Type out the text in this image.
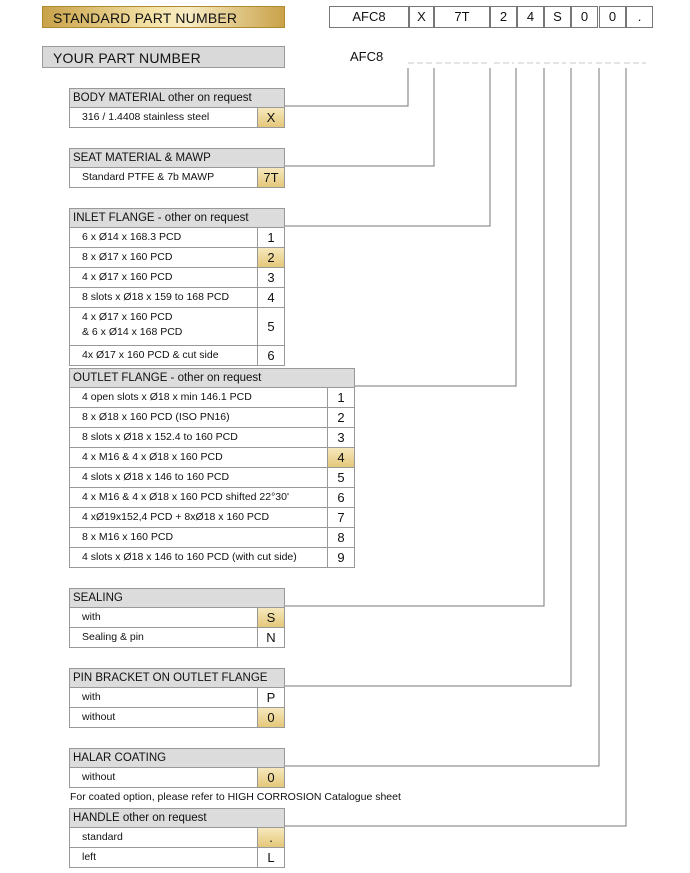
STANDARD PART NUMBER	AFC8	X	7T	2	4	S	0	0	.
YOUR PART NUMBER	AFC8
BODY MATERIAL other on request
316 / 1.4408 stainless steel	X
SEAT MATERIAL & MAWP
Standard PTFE & 7b MAWP	7T
INLET FLANGE - other on request
6 x Ø14 x 168.3 PCD	1
8 x Ø17 x 160 PCD	2
4 x Ø17 x 160 PCD	3
8 slots x Ø18 x 159 to 168 PCD	4
4 x Ø17 x 160 PCD
& 6 x Ø14 x 168 PCD	5
4x Ø17 x 160 PCD & cut side	6
OUTLET FLANGE - other on request
4 open slots x Ø18 x min 146.1 PCD	1
8 x Ø18 x 160 PCD (ISO PN16)	2
8 slots x Ø18 x 152.4 to 160 PCD	3
4 x M16 & 4 x Ø18 x 160 PCD	4
4 slots x Ø18 x 146 to 160 PCD	5
4 x M16 & 4 x Ø18 x 160 PCD shifted 22°30'	6
4 xØ19x152,4 PCD + 8xØ18 x 160 PCD	7
8 x M16 x 160 PCD	8
4 slots x Ø18 x 146 to 160 PCD (with cut side)	9
SEALING
with	S
Sealing & pin	N
PIN BRACKET ON OUTLET FLANGE
with	P
without	0
HALAR COATING
without	0
HANDLE other on request
standard	.
left	L
For coated option, please refer to HIGH CORROSION Catalogue sheet
